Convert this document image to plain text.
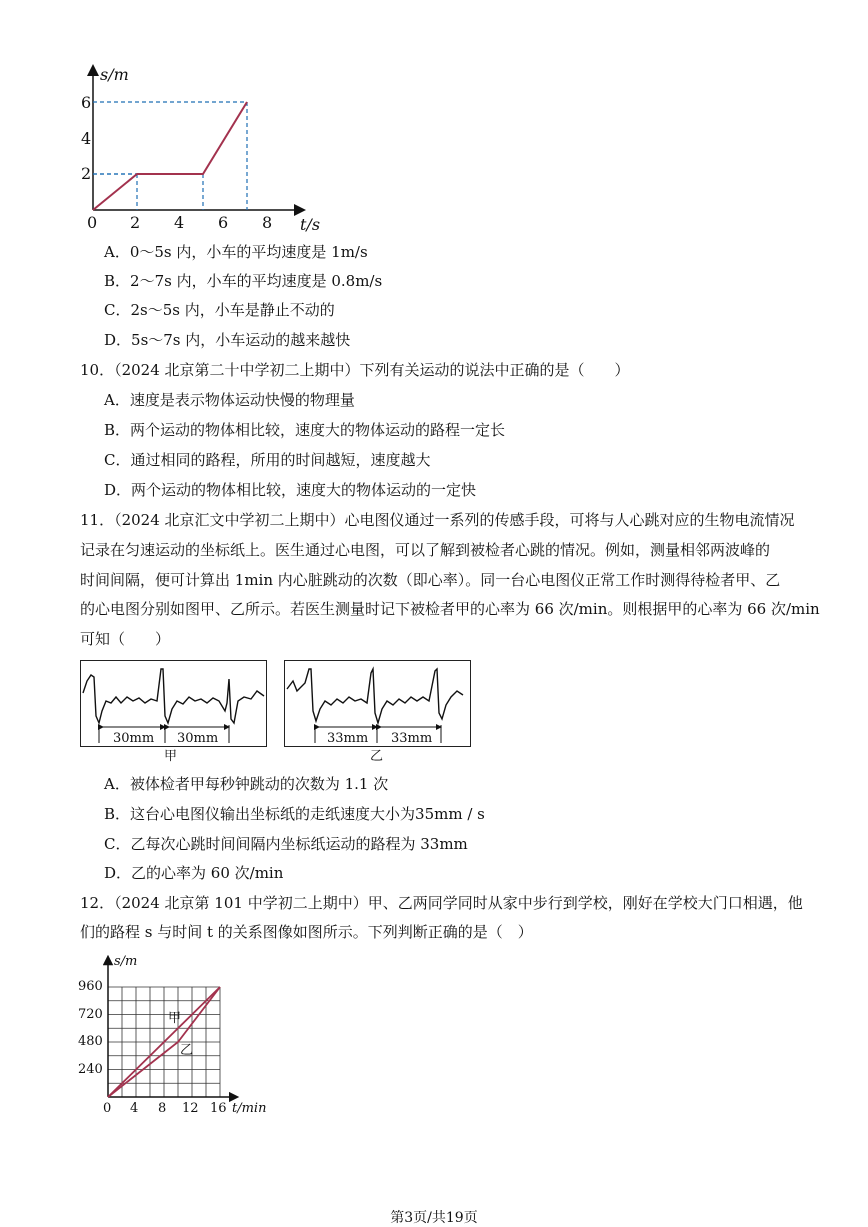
s/m
t/s
6
4
2
0 2 4 6 8
A．0～5s 内，小车的平均速度是 1m/s
B．2～7s 内，小车的平均速度是 0.8m/s
C．2s～5s 内，小车是静止不动的
D．5s～7s 内，小车运动的越来越快
10．（2024 北京第二十中学初二上期中）下列有关运动的说法中正确的是（　　）
A．速度是表示物体运动快慢的物理量
B．两个运动的物体相比较，速度大的物体运动的路程一定长
C．通过相同的路程，所用的时间越短，速度越大
D．两个运动的物体相比较，速度大的物体运动的一定快
11．（2024 北京汇文中学初二上期中）心电图仪通过一系列的传感手段，可将与人心跳对应的生物电流情况
记录在匀速运动的坐标纸上。医生通过心电图，可以了解到被检者心跳的情况。例如，测量相邻两波峰的
时间间隔，便可计算出 1min 内心脏跳动的次数（即心率）。同一台心电图仪正常工作时测得待检者甲、乙
的心电图分别如图甲、乙所示。若医生测量时记下被检者甲的心率为 66 次/min。则根据甲的心率为 66 次/min
可知（　　）
30mm 30mm
甲
33mm 33mm
乙
A．被体检者甲每秒钟跳动的次数为 1.1 次
B．这台心电图仪输出坐标纸的走纸速度大小为35mm / s
C．乙每次心跳时间间隔内坐标纸运动的路程为 33mm
D．乙的心率为 60 次/min
12．（2024 北京第 101 中学初二上期中）甲、乙两同学同时从家中步行到学校，刚好在学校大门口相遇，他
们的路程 s 与时间 t 的关系图像如图所示。下列判断正确的是（　）
甲
乙
s/m
t/min
960
720
480
240
0 4 8 12 16
第3页/共19页
